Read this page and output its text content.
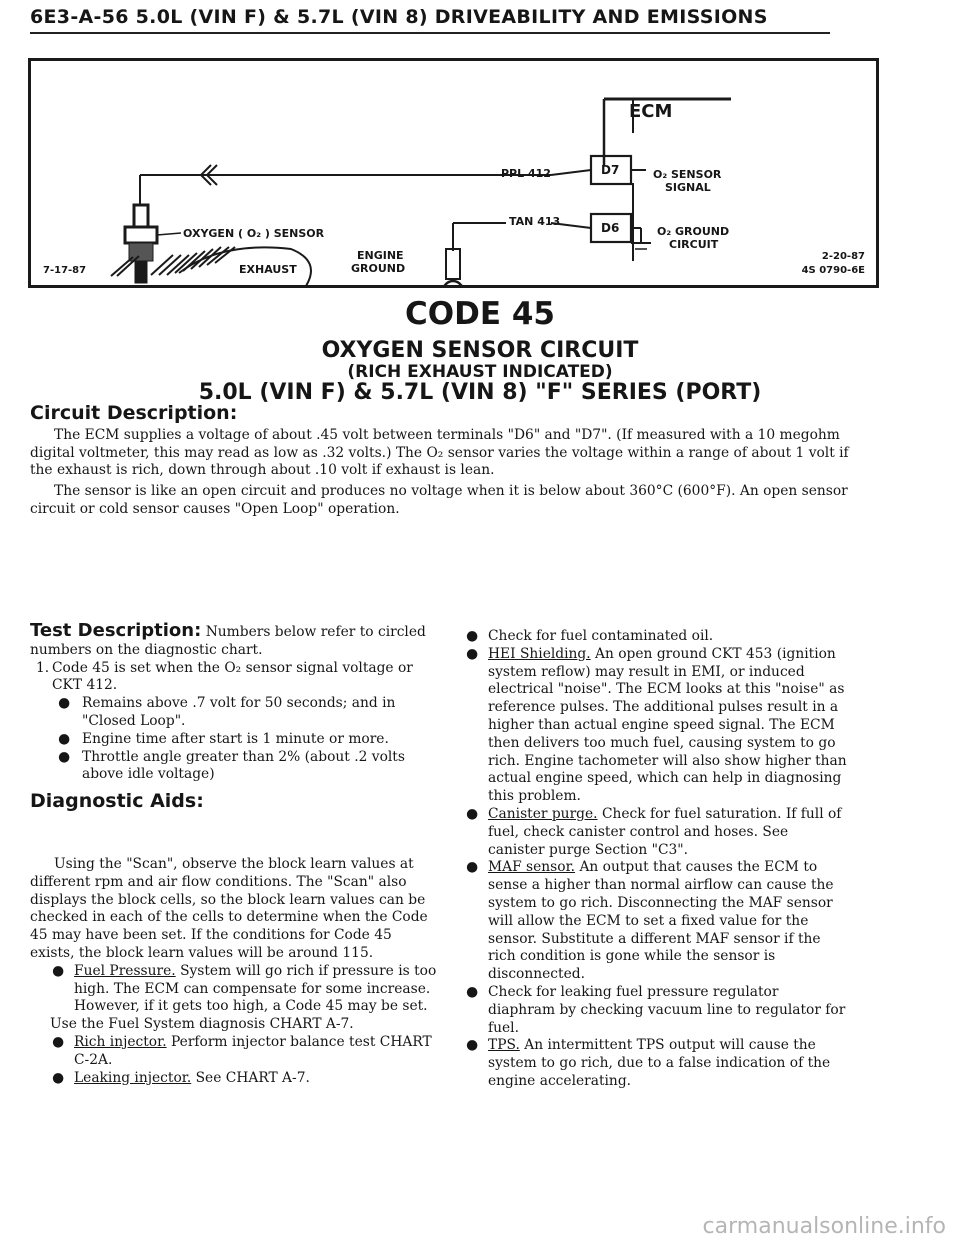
6E3-A-56 5.0L (VIN F) & 5.7L (VIN 8) DRIVEABILITY AND EMISSIONS
ECM
PPL 412
TAN 413
D7
D6
O₂ SENSOR
SIGNAL
O₂ GROUND
CIRCUIT
OXYGEN ( O₂ ) SENSOR
EXHAUST
ENGINE
GROUND
7-17-87
2-20-87
4S 0790-6E
CODE 45
OXYGEN SENSOR CIRCUIT
(RICH EXHAUST INDICATED)
5.0L (VIN F) & 5.7L (VIN 8) "F" SERIES (PORT)
Circuit Description:
The ECM supplies a voltage of about .45 volt between terminals "D6" and "D7". (If measured with a 10 megohm digital voltmeter, this may read as low as .32 volts.) The O₂ sensor varies the voltage within a range of about 1 volt if the exhaust is rich, down through about .10 volt if exhaust is lean.
The sensor is like an open circuit and produces no voltage when it is below about 360°C (600°F). An open sensor circuit or cold sensor causes "Open Loop" operation.
Test Description: Numbers below refer to circled numbers on the diagnostic chart.
1. Code 45 is set when the O₂ sensor signal voltage or CKT 412.
● Remains above .7 volt for 50 seconds; and in "Closed Loop".
● Engine time after start is 1 minute or more.
● Throttle angle greater than 2% (about .2 volts above idle voltage)
Diagnostic Aids:
Using the "Scan", observe the block learn values at different rpm and air flow conditions. The "Scan" also displays the block cells, so the block learn values can be checked in each of the cells to determine when the Code 45 may have been set. If the conditions for Code 45 exists, the block learn values will be around 115.
● Fuel Pressure. System will go rich if pressure is too high. The ECM can compensate for some increase. However, if it gets too high, a Code 45 may be set.
Use the Fuel System diagnosis CHART A-7.
● Rich injector. Perform injector balance test CHART C-2A.
● Leaking injector. See CHART A-7.
● Check for fuel contaminated oil.
● HEI Shielding. An open ground CKT 453 (ignition system reflow) may result in EMI, or induced electrical "noise". The ECM looks at this "noise" as reference pulses. The additional pulses result in a higher than actual engine speed signal. The ECM then delivers too much fuel, causing system to go rich. Engine tachometer will also show higher than actual engine speed, which can help in diagnosing this problem.
● Canister purge. Check for fuel saturation. If full of fuel, check canister control and hoses. See canister purge Section "C3".
● MAF sensor. An output that causes the ECM to sense a higher than normal airflow can cause the system to go rich. Disconnecting the MAF sensor will allow the ECM to set a fixed value for the sensor. Substitute a different MAF sensor if the rich condition is gone while the sensor is disconnected.
● Check for leaking fuel pressure regulator diaphram by checking vacuum line to regulator for fuel.
● TPS. An intermittent TPS output will cause the system to go rich, due to a false indication of the engine accelerating.
carmanualsonline.info
